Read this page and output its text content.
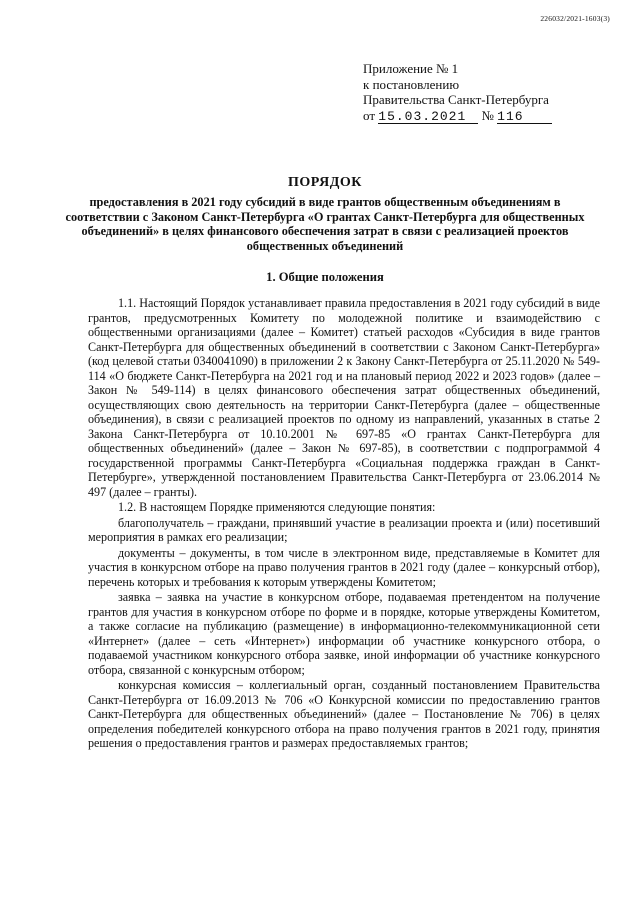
226032/2021-1603(3)
Приложение № 1
к постановлению
Правительства Санкт-Петербурга
от 15.03.2021 № 116
ПОРЯДОК
предоставления в 2021 году субсидий в виде грантов общественным объединениям в соответствии с Законом Санкт-Петербурга «О грантах Санкт-Петербурга для общественных объединений» в целях финансового обеспечения затрат в связи с реализацией проектов общественных объединений
1. Общие положения

1.1. Настоящий Порядок устанавливает правила предоставления в 2021 году субсидий в виде грантов, предусмотренных Комитету по молодежной политике и взаимодействию с общественными организациями (далее – Комитет) статьей расходов «Субсидия в виде грантов Санкт-Петербурга для общественных объединений в соответствии с Законом Санкт-Петербурга» (код целевой статьи 0340041090) в приложении 2 к Закону Санкт-Петербурга от 25.11.2020 № 549-114 «О бюджете Санкт-Петербурга на 2021 год и на плановый период 2022 и 2023 годов» (далее – Закон № 549-114) в целях финансового обеспечения затрат общественных объединений, осуществляющих свою деятельность на территории Санкт-Петербурга (далее – общественные объединения), в связи с реализацией проектов по одному из направлений, указанных в статье 2 Закона Санкт-Петербурга от 10.10.2001 № 697-85 «О грантах Санкт-Петербурга для общественных объединений» (далее – Закон № 697-85), в соответствии с подпрограммой 4 государственной программы Санкт-Петербурга «Социальная поддержка граждан в Санкт-Петербурге», утвержденной постановлением Правительства Санкт-Петербурга от 23.06.2014 № 497 (далее – гранты).

1.2. В настоящем Порядке применяются следующие понятия:

благополучатель – граждани, принявший участие в реализации проекта и (или) посетивший мероприятия в рамках его реализации;

документы – документы, в том числе в электронном виде, представляемые в Комитет для участия в конкурсном отборе на право получения грантов в 2021 году (далее – конкурсный отбор), перечень которых и требования к которым утверждены Комитетом;

заявка – заявка на участие в конкурсном отборе, подаваемая претендентом на получение грантов для участия в конкурсном отборе по форме и в порядке, которые утверждены Комитетом, а также согласие на публикацию (размещение) в информационно-телекоммуникационной сети «Интернет» (далее – сеть «Интернет») информации об участнике конкурсного отбора, о подаваемой участником конкурсного отбора заявке, иной информации об участнике конкурсного отбора, связанной с конкурсным отбором;

конкурсная комиссия – коллегиальный орган, созданный постановлением Правительства Санкт-Петербурга от 16.09.2013 № 706 «О Конкурсной комиссии по предоставлению грантов Санкт-Петербурга для общественных объединений» (далее – Постановление № 706) в целях определения победителей конкурсного отбора на право получения грантов в 2021 году, принятия решения о предоставления грантов и размерах предоставляемых грантов;
